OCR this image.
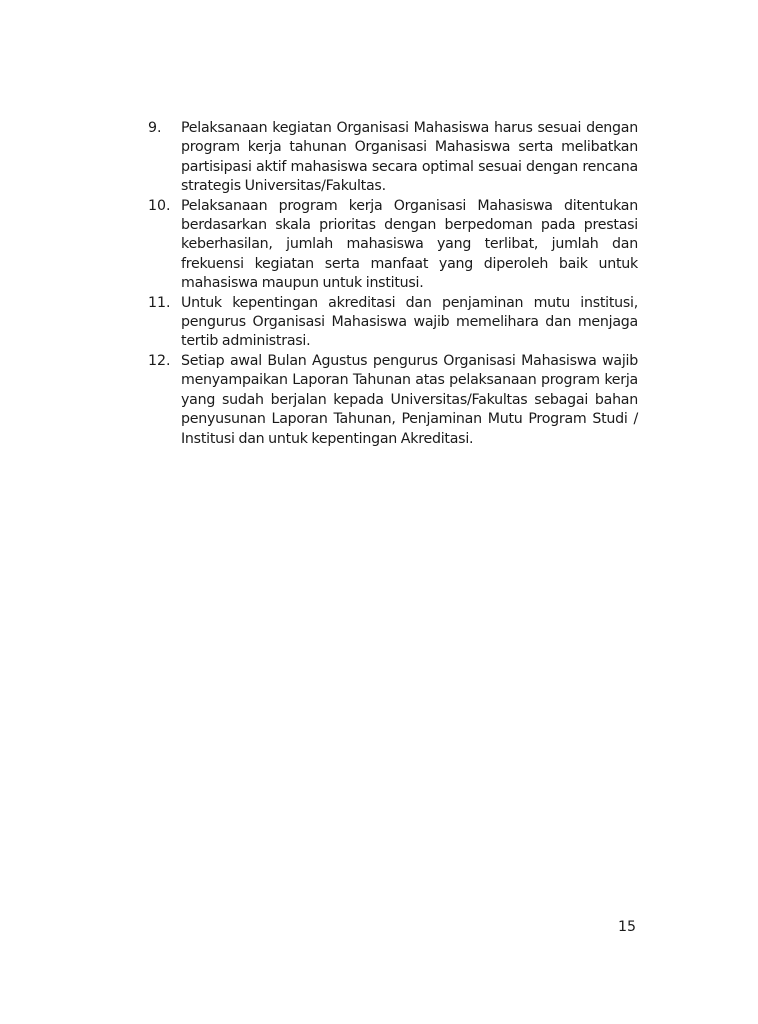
9.	Pelaksanaan kegiatan Organisasi Mahasiswa harus sesuai dengan program kerja tahunan Organisasi Mahasiswa serta melibatkan partisipasi aktif mahasiswa secara optimal sesuai dengan rencana strategis Universitas/Fakultas.
10. Pelaksanaan program kerja Organisasi Mahasiswa ditentukan berdasarkan skala prioritas dengan berpedoman pada prestasi keberhasilan, jumlah mahasiswa yang terlibat, jumlah dan frekuensi kegiatan serta manfaat yang diperoleh baik untuk mahasiswa maupun untuk institusi.
11. Untuk kepentingan akreditasi dan penjaminan mutu institusi, pengurus Organisasi Mahasiswa wajib memelihara dan menjaga tertib administrasi.
12. Setiap awal Bulan Agustus pengurus Organisasi Mahasiswa wajib menyampaikan Laporan Tahunan atas pelaksanaan program kerja yang sudah berjalan kepada Universitas/Fakultas sebagai bahan penyusunan Laporan Tahunan, Penjaminan Mutu Program Studi / Institusi dan untuk kepentingan Akreditasi.
15
